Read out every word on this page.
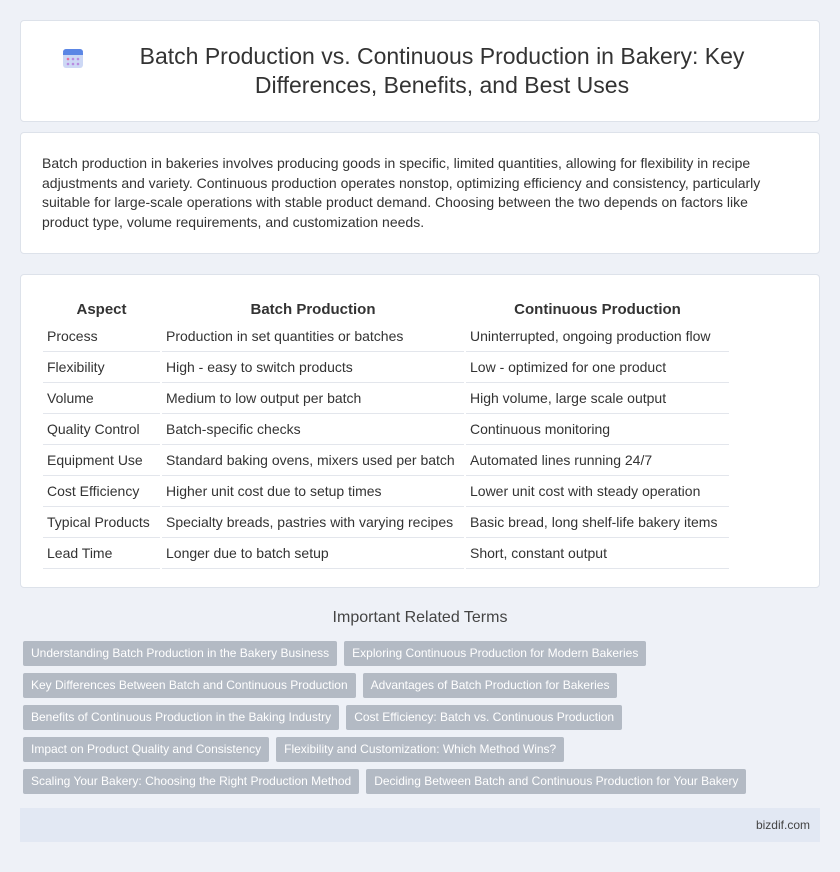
Batch Production vs. Continuous Production in Bakery: Key Differences, Benefits, and Best Uses

Batch production in bakeries involves producing goods in specific, limited quantities, allowing for flexibility in recipe adjustments and variety. Continuous production operates nonstop, optimizing efficiency and consistency, particularly suitable for large-scale operations with stable product demand. Choosing between the two depends on factors like product type, volume requirements, and customization needs.

Aspect	Batch Production	Continuous Production
Process	Production in set quantities or batches	Uninterrupted, ongoing production flow
Flexibility	High - easy to switch products	Low - optimized for one product
Volume	Medium to low output per batch	High volume, large scale output
Quality Control	Batch-specific checks	Continuous monitoring
Equipment Use	Standard baking ovens, mixers used per batch	Automated lines running 24/7
Cost Efficiency	Higher unit cost due to setup times	Lower unit cost with steady operation
Typical Products	Specialty breads, pastries with varying recipes	Basic bread, long shelf-life bakery items
Lead Time	Longer due to batch setup	Short, constant output
Important Related Terms
Understanding Batch Production in the Bakery Business	Exploring Continuous Production for Modern Bakeries
Key Differences Between Batch and Continuous Production	Advantages of Batch Production for Bakeries
Benefits of Continuous Production in the Baking Industry	Cost Efficiency: Batch vs. Continuous Production
Impact on Product Quality and Consistency	Flexibility and Customization: Which Method Wins?
Scaling Your Bakery: Choosing the Right Production Method	Deciding Between Batch and Continuous Production for Your Bakery
bizdif.com
